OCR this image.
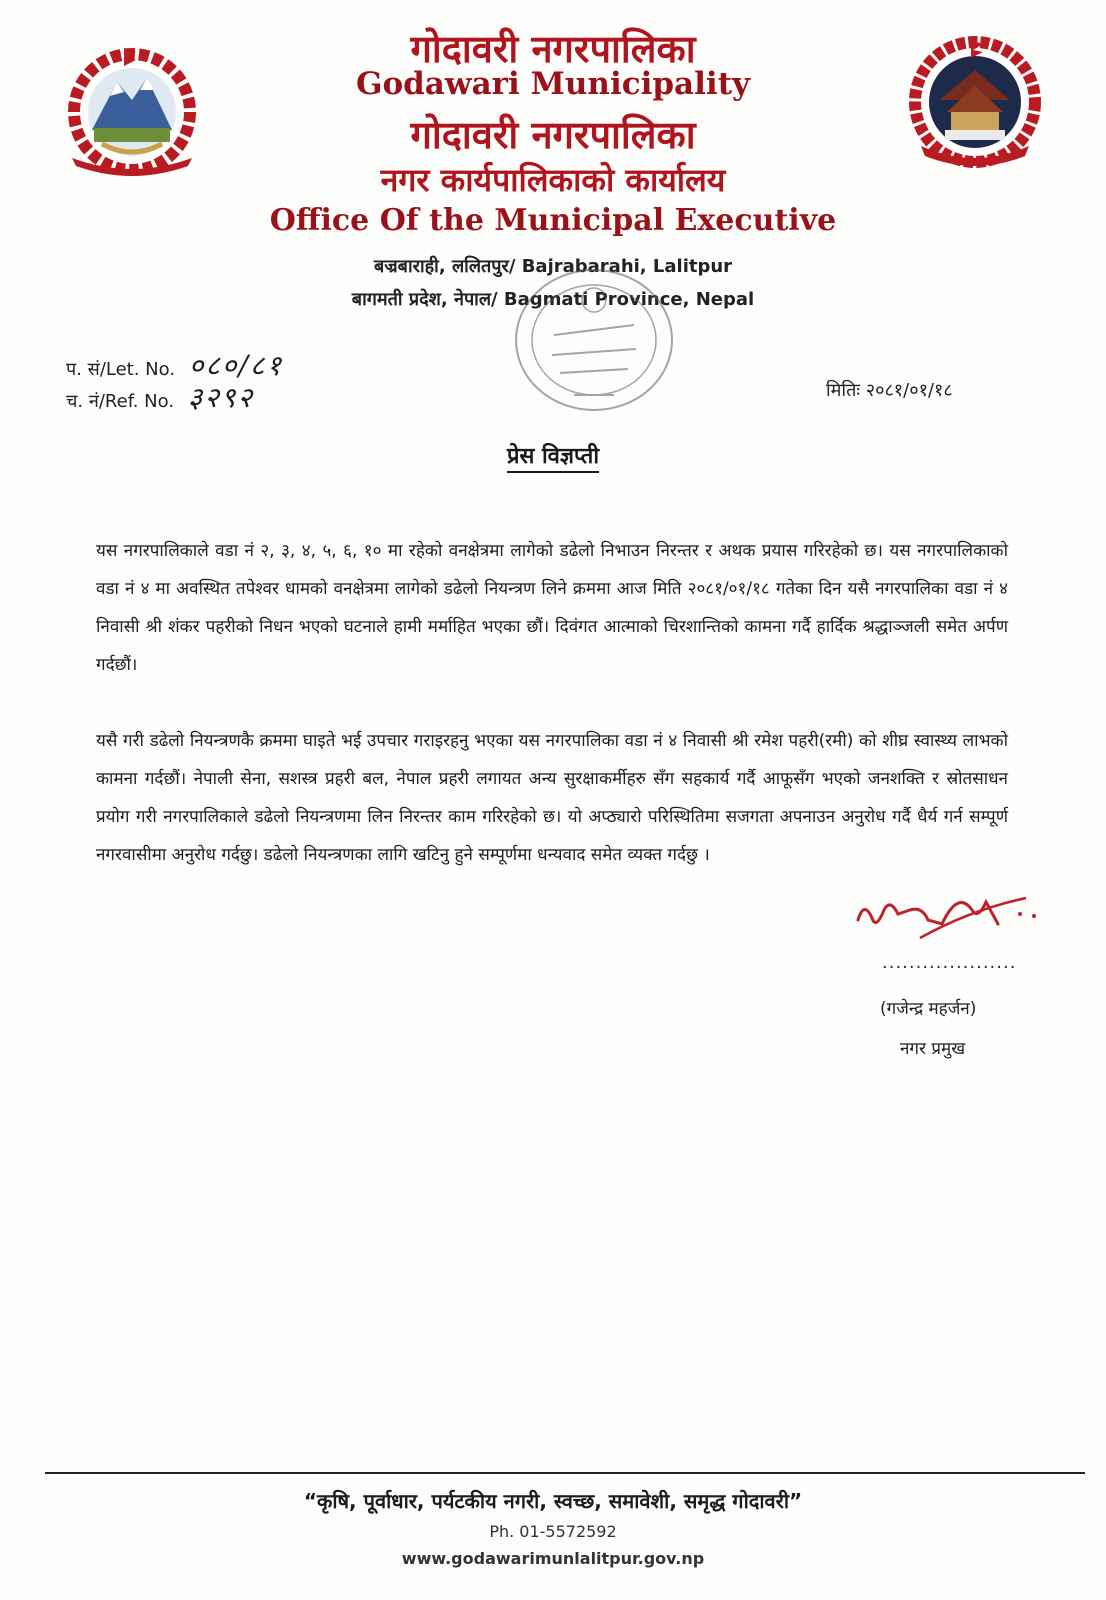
गोदावरी नगरपालिका
Godawari Municipality
गोदावरी नगरपालिका
नगर कार्यपालिकाको कार्यालय
Office Of the Municipal Executive
बज्रबाराही, ललितपुर/ Bajrabarahi, Lalitpur
बागमती प्रदेश, नेपाल/ Bagmati Province, Nepal
प. सं/Let. No. ०८०/८१
च. नं/Ref. No. ३२९२	मितिः २०८१/०१/१८
प्रेस विज्ञप्ती
यस नगरपालिकाले वडा नं २, ३, ४, ५, ६, १० मा रहेको वनक्षेत्रमा लागेको डढेलो निभाउन निरन्तर र अथक प्रयास गरिरहेको छ। यस नगरपालिकाको वडा नं ४ मा अवस्थित तपेश्वर धामको वनक्षेत्रमा लागेको डढेलो नियन्त्रण लिने क्रममा आज मिति २०८१/०१/१८ गतेका दिन यसै नगरपालिका वडा नं ४ निवासी श्री शंकर पहरीको निधन भएको घटनाले हामी मर्माहित भएका छौं। दिवंगत आत्माको चिरशान्तिको कामना गर्दै हार्दिक श्रद्धाञ्जली समेत अर्पण गर्दछौं।
यसै गरी डढेलो नियन्त्रणकै क्रममा घाइते भई उपचार गराइरहनु भएका यस नगरपालिका वडा नं ४ निवासी श्री रमेश पहरी(रमी) को शीघ्र स्वास्थ्य लाभको कामना गर्दछौं। नेपाली सेना, सशस्त्र प्रहरी बल, नेपाल प्रहरी लगायत अन्य सुरक्षाकर्मीहरु सँग सहकार्य गर्दै आफूसँग भएको जनशक्ति र स्रोतसाधन प्रयोग गरी नगरपालिकाले डढेलो नियन्त्रणमा लिन निरन्तर काम गरिरहेको छ। यो अप्ठ्यारो परिस्थितिमा सजगता अपनाउन अनुरोध गर्दै धैर्य गर्न सम्पूर्ण नगरवासीमा अनुरोध गर्दछु। डढेलो नियन्त्रणका लागि खटिनु हुने सम्पूर्णमा धन्यवाद समेत व्यक्त गर्दछु ।
....................
(गजेन्द्र महर्जन)
नगर प्रमुख
“कृषि, पूर्वाधार, पर्यटकीय नगरी, स्वच्छ, समावेशी, समृद्ध गोदावरी”
Ph. 01-5572592
www.godawarimunlalitpur.gov.np
